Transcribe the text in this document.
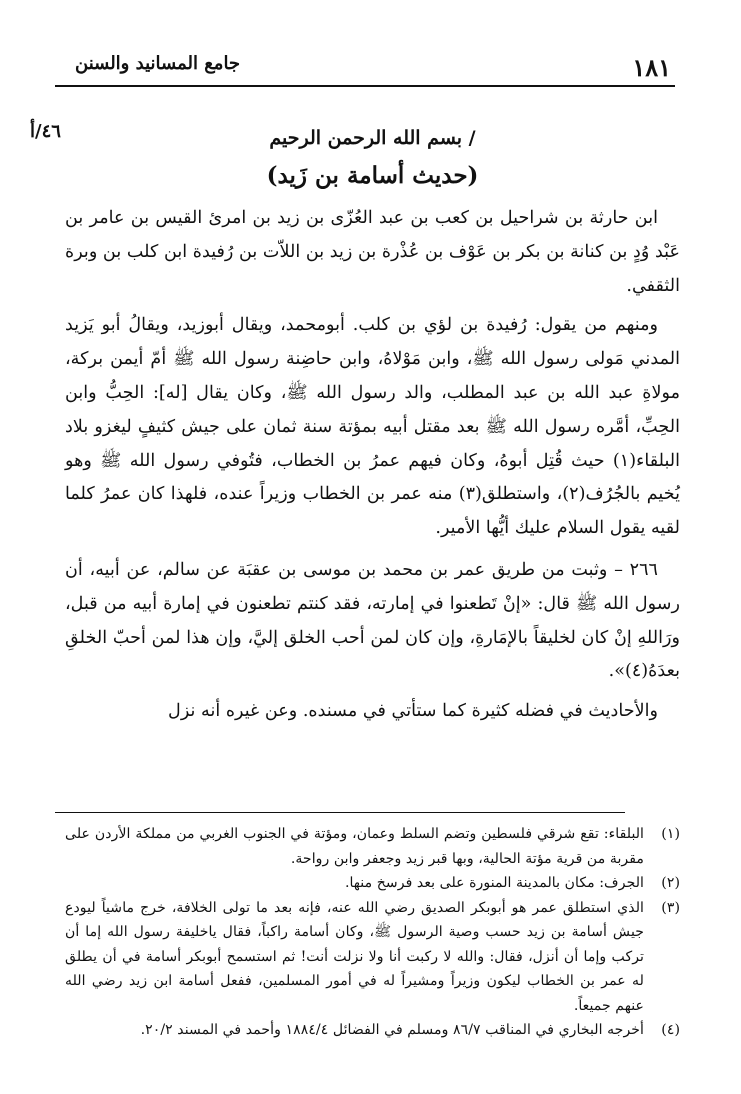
١٨١
جامع المسانيد والسنن
٤٦/أ	/ بسم الله الرحمن الرحيم
(حديث أسامة بن زَيد)

ابن حارثة بن شراحيل بن كعب بن عبد العُزّى بن زيد بن امرئ القيس بن عامر بن عَبْد وُدٍ بن كنانة بن بكر بن عَوْف بن عُذْرة بن زيد بن اللاّت بن رُفيدة ابن كلب بن وبرة الثقفي.

ومنهم من يقول: رُفيدة بن لؤي بن كلب. أبومحمد، ويقال أبوزيد، ويقالُ أبو يَزيد المدني مَولى رسول الله ﷺ، وابن مَوْلاهُ، وابن حاضِنة رسول الله ﷺ أمّ أيمن بركة، مولاةِ عبد الله بن عبد المطلب، والد رسول الله ﷺ، وكان يقال [له]: الحِبُّ وابن الحِبِّ، أمَّره رسول الله ﷺ بعد مقتل أبيه بمؤتة سنة ثمان على جيش كثيفٍ ليغزو بلاد البلقاء(١) حيث قُتِل أبوهُ، وكان فيهم عمرُ بن الخطاب، فتُوفي رسول الله ﷺ وهو يُخيم بالجُرُف(٢)، واستطلق(٣) منه عمر بن الخطاب وزيراً عنده، فلهذا كان عمرُ كلما لقيه يقول السلام عليك أيُّها الأمير.

٢٦٦ – وثبت من طريق عمر بن محمد بن موسى بن عقبَة عن سالم، عن أبيه، أن رسول الله ﷺ قال: «إنْ تَطعنوا في إمارته، فقد كنتم تطعنون في إمارة أبيه من قبل، ورَاللهِ إنْ كان لخليقاً بالإمَارةِ، وإن كان لمن أحب الخلق إليَّ، وإن هذا لمن أحبّ الخلقِ بعدَهُ(٤)».

والأحاديث في فضله كثيرة كما ستأتي في مسنده. وعن غيره أنه نزل

(١)
البلقاء: تقع شرقي فلسطين وتضم السلط وعمان، ومؤتة في الجنوب الغربي من مملكة الأردن على مقربة من قرية مؤتة الحالية، وبها قبر زيد وجعفر وابن رواحة.
(٢)
الجرف: مكان بالمدينة المنورة على بعد فرسخ منها.
(٣)
الذي استطلق عمر هو أبوبكر الصديق رضي الله عنه، فإنه بعد ما تولى الخلافة، خرج ماشياً ليودع جيش أسامة بن زيد حسب وصية الرسول ﷺ، وكان أسامة راكباً، فقال ياخليفة رسول الله إما أن تركب وإما أن أنزل، فقال: والله لا ركبت أنا ولا نزلت أنت! ثم استسمح أبوبكر أسامة في أن يطلق له عمر بن الخطاب ليكون وزيراً ومشيراً له في أمور المسلمين، ففعل أسامة ابن زيد رضي الله عنهم جميعاً.
(٤)
أخرجه البخاري في المناقب ٨٦/٧ ومسلم في الفضائل ١٨٨٤/٤ وأحمد في المسند ٢٠/٢.
